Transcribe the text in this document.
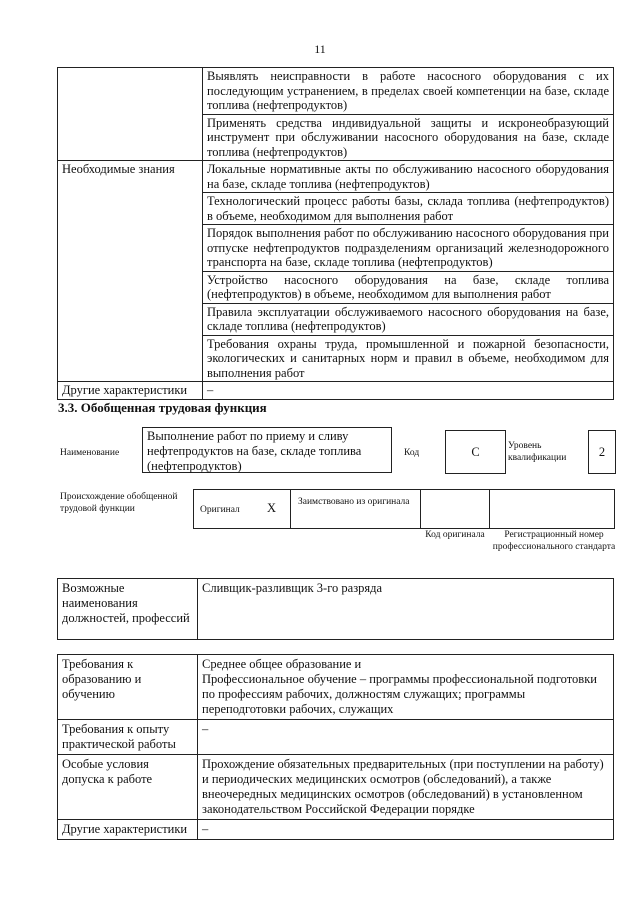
11
	Выявлять неисправности в работе насосного оборудования с их последующим устранением, в пределах своей компетенции на базе, складе топлива (нефтепродуктов)
	Применять средства индивидуальной защиты и искронеобразующий инструмент при обслуживании насосного оборудования на базе, складе топлива (нефтепродуктов)
Необходимые знания	Локальные нормативные акты по обслуживанию насосного оборудования на базе, складе топлива (нефтепродуктов)
	Технологический процесс работы базы, склада топлива (нефтепродуктов) в объеме, необходимом для выполнения работ
	Порядок выполнения работ по обслуживанию насосного оборудования при отпуске нефтепродуктов подразделениям организаций железнодорожного транспорта на базе, складе топлива (нефтепродуктов)
	Устройство насосного оборудования на базе, складе топлива (нефтепродуктов) в объеме, необходимом для выполнения работ
	Правила эксплуатации обслуживаемого насосного оборудования на базе, складе топлива (нефтепродуктов)
	Требования охраны труда, промышленной и пожарной безопасности, экологических и санитарных норм и правил в объеме, необходимом для выполнения работ
Другие характеристики	–
3.3. Обобщенная трудовая функция
Наименование
Выполнение работ по приему и сливу нефтепродуктов на базе, складе топлива (нефтепродуктов)
Код	С	Уровень квалификации	2
Происхождение обобщенной трудовой функции	Оригинал X Заимствовано из оригинала
Код оригинала	Регистрационный номер профессионального стандарта
Возможные наименования должностей, профессий	Сливщик-разливщик 3-го разряда
Требования к образованию и обучению	Среднее общее образование и
Профессиональное обучение – программы профессиональной подготовки по профессиям рабочих, должностям служащих; программы переподготовки рабочих, служащих

Требования к опыту практической работы	–
Особые условия допуска к работе	Прохождение обязательных предварительных (при поступлении на работу) и периодических медицинских осмотров (обследований), а также внеочередных медицинских осмотров (обследований) в установленном законодательством Российской Федерации порядке
Другие характеристики	–
